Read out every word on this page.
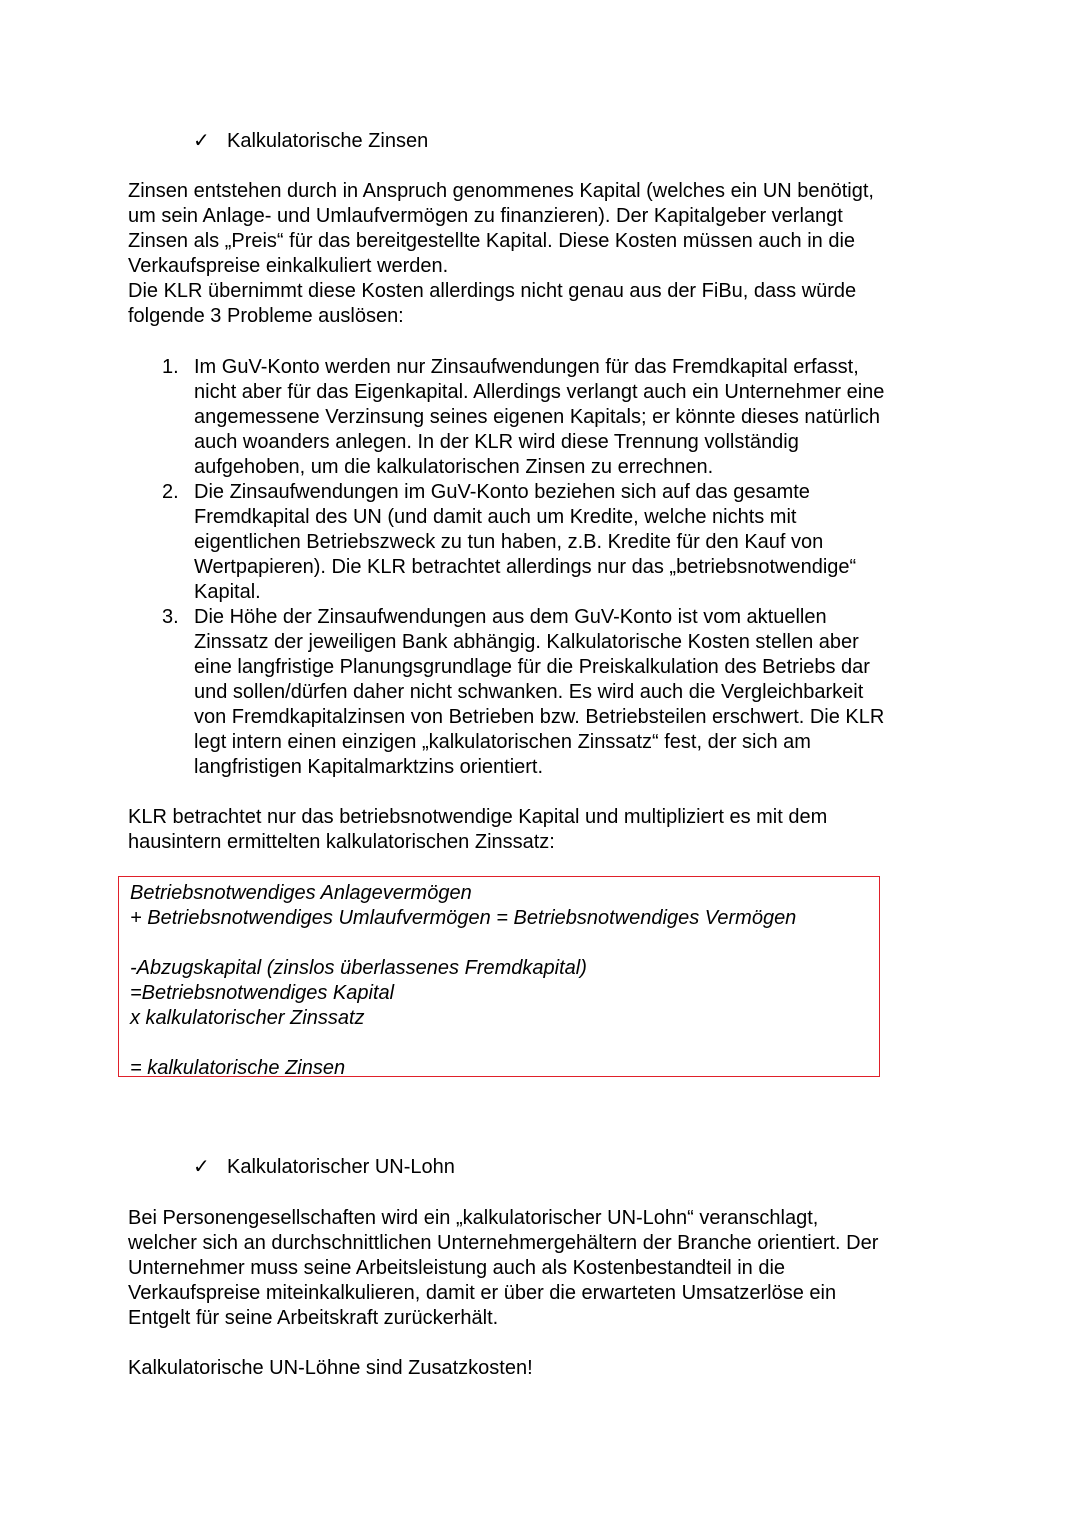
✓ Kalkulatorische Zinsen

Zinsen entstehen durch in Anspruch genommenes Kapital (welches ein UN benötigt,

um sein Anlage- und Umlaufvermögen zu finanzieren). Der Kapitalgeber verlangt

Zinsen als „Preis“ für das bereitgestellte Kapital. Diese Kosten müssen auch in die

Verkaufspreise einkalkuliert werden.

Die KLR übernimmt diese Kosten allerdings nicht genau aus der FiBu, dass würde

folgende 3 Probleme auslösen:

1. Im GuV-Konto werden nur Zinsaufwendungen für das Fremdkapital erfasst,
nicht aber für das Eigenkapital. Allerdings verlangt auch ein Unternehmer eine
angemessene Verzinsung seines eigenen Kapitals; er könnte dieses natürlich
auch woanders anlegen. In der KLR wird diese Trennung vollständig
aufgehoben, um die kalkulatorischen Zinsen zu errechnen.
2. Die Zinsaufwendungen im GuV-Konto beziehen sich auf das gesamte
Fremdkapital des UN (und damit auch um Kredite, welche nichts mit
eigentlichen Betriebszweck zu tun haben, z.B. Kredite für den Kauf von
Wertpapieren). Die KLR betrachtet allerdings nur das „betriebsnotwendige“
Kapital.
3. Die Höhe der Zinsaufwendungen aus dem GuV-Konto ist vom aktuellen
Zinssatz der jeweiligen Bank abhängig. Kalkulatorische Kosten stellen aber
eine langfristige Planungsgrundlage für die Preiskalkulation des Betriebs dar
und sollen/dürfen daher nicht schwanken. Es wird auch die Vergleichbarkeit
von Fremdkapitalzinsen von Betrieben bzw. Betriebsteilen erschwert. Die KLR
legt intern einen einzigen „kalkulatorischen Zinssatz“ fest, der sich am
langfristigen Kapitalmarktzins orientiert.

KLR betrachtet nur das betriebsnotwendige Kapital und multipliziert es mit dem

hausintern ermittelten kalkulatorischen Zinssatz:

Betriebsnotwendiges Anlagevermögen
+ Betriebsnotwendiges Umlaufvermögen = Betriebsnotwendiges Vermögen
-Abzugskapital (zinslos überlassenes Fremdkapital)
=Betriebsnotwendiges Kapital
x kalkulatorischer Zinssatz
= kalkulatorische Zinsen
✓ Kalkulatorischer UN-Lohn

Bei Personengesellschaften wird ein „kalkulatorischer UN-Lohn“ veranschlagt,

welcher sich an durchschnittlichen Unternehmergehältern der Branche orientiert. Der

Unternehmer muss seine Arbeitsleistung auch als Kostenbestandteil in die

Verkaufspreise miteinkalkulieren, damit er über die erwarteten Umsatzerlöse ein

Entgelt für seine Arbeitskraft zurückerhält.

Kalkulatorische UN-Löhne sind Zusatzkosten!
